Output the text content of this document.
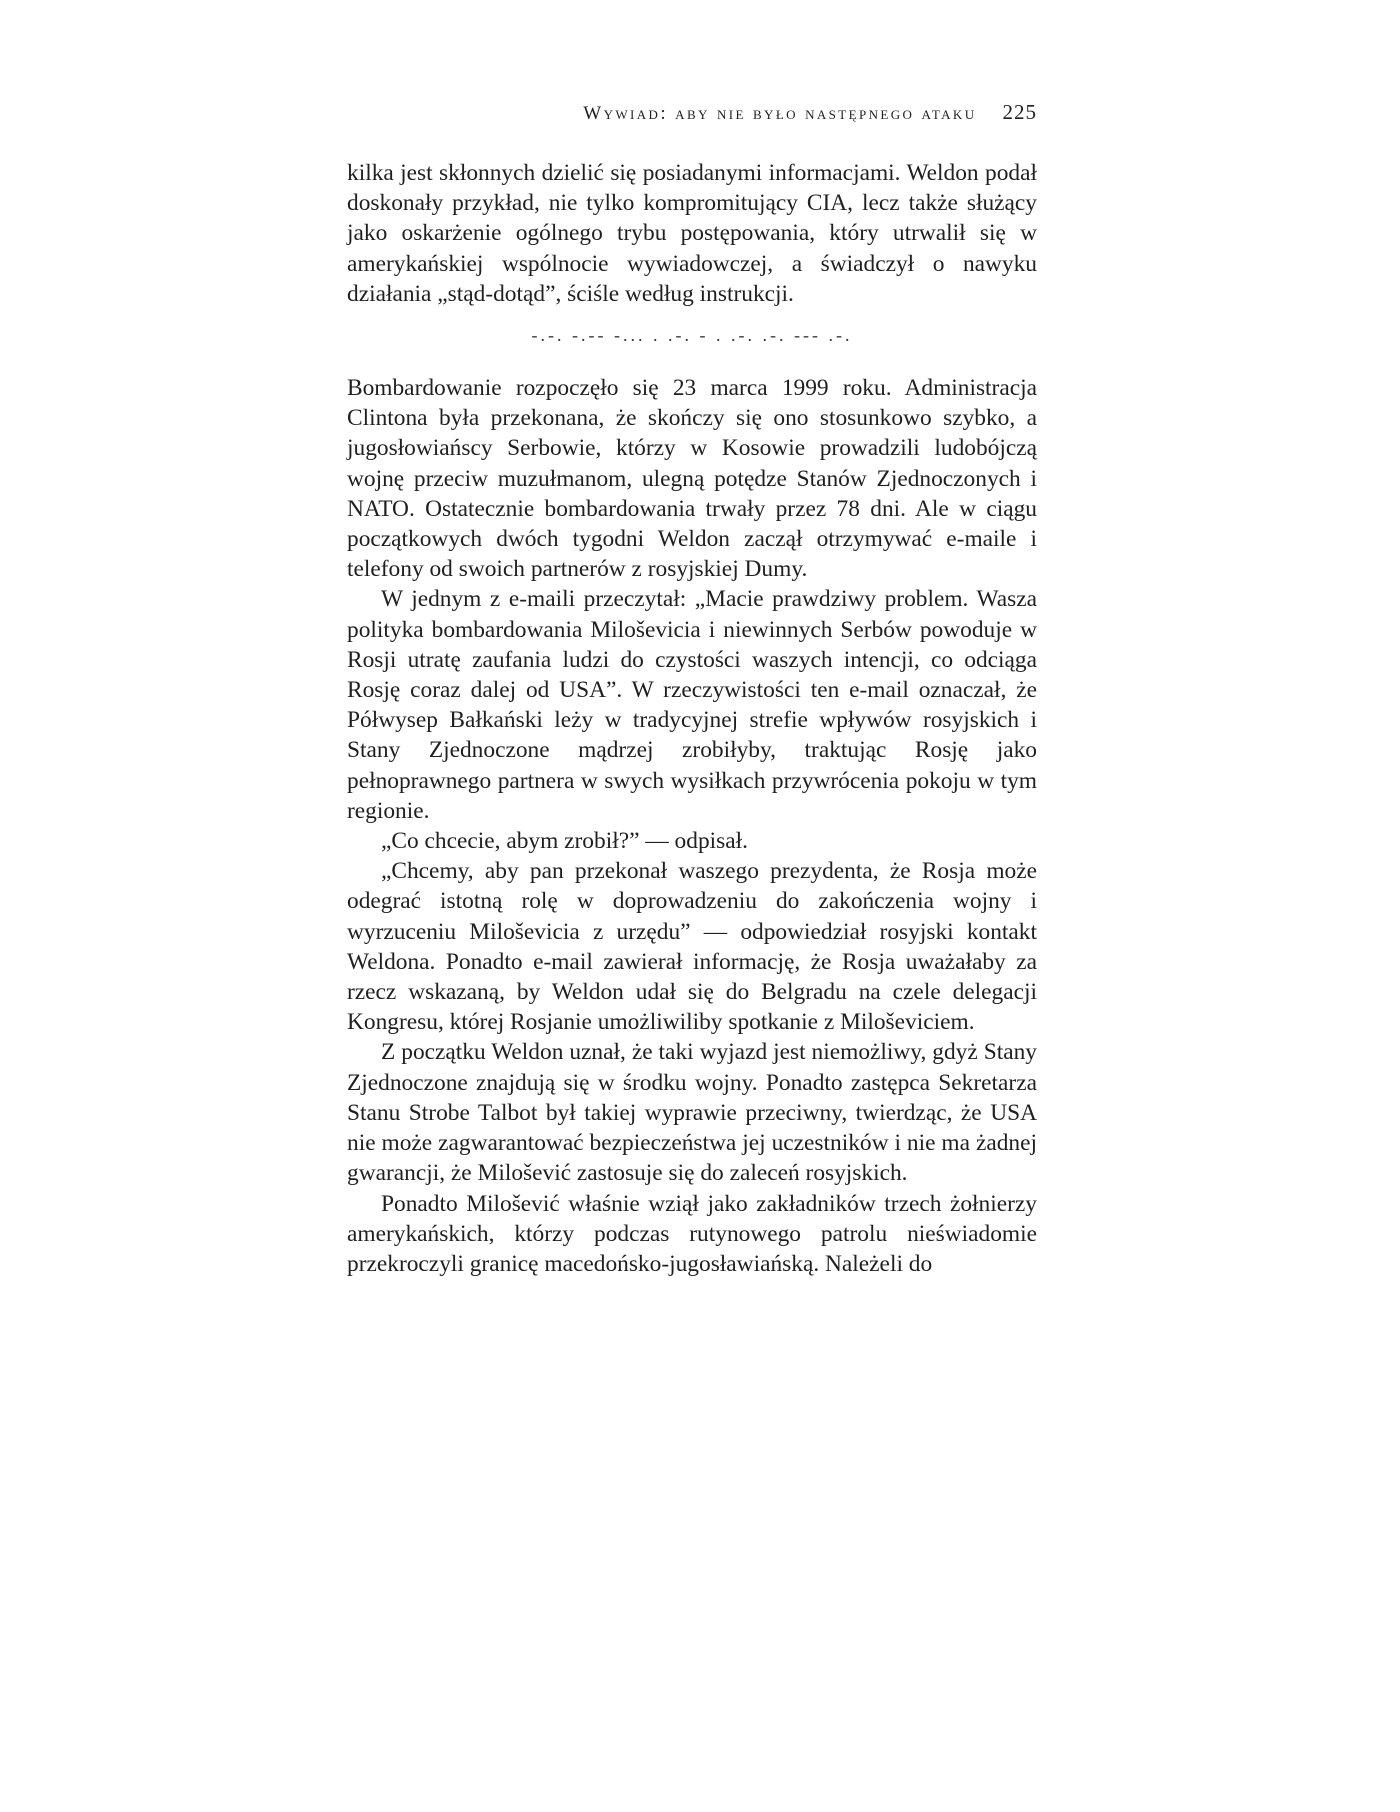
Wywiad: aby nie było następnego ataku 225

kilka jest skłonnych dzielić się posiadanymi informacjami. Weldon podał doskonały przykład, nie tylko kompromitujący CIA, lecz także służący jako oskarżenie ogólnego trybu postępowania, który utrwalił się w amerykańskiej wspólnocie wywiadowczej, a świadczył o nawyku działania „stąd-dotąd”, ściśle według instrukcji.

-.-. -.-- -... . .-. - . .-. .-. --- .-.

Bombardowanie rozpoczęło się 23 marca 1999 roku. Administracja Clintona była przekonana, że skończy się ono stosunkowo szybko, a jugosłowiańscy Serbowie, którzy w Kosowie prowadzili ludobójczą wojnę przeciw muzułmanom, ulegną potędze Stanów Zjednoczonych i NATO. Ostatecznie bombardowania trwały przez 78 dni. Ale w ciągu początkowych dwóch tygodni Weldon zaczął otrzymywać e-maile i telefony od swoich partnerów z rosyjskiej Dumy.

W jednym z e-maili przeczytał: „Macie prawdziwy problem. Wasza polityka bombardowania Miloševicia i niewinnych Serbów powoduje w Rosji utratę zaufania ludzi do czystości waszych intencji, co odciąga Rosję coraz dalej od USA”. W rzeczywistości ten e-mail oznaczał, że Półwysep Bałkański leży w tradycyjnej strefie wpływów rosyjskich i Stany Zjednoczone mądrzej zrobiłyby, traktując Rosję jako pełnoprawnego partnera w swych wysiłkach przywrócenia pokoju w tym regionie.

„Co chcecie, abym zrobił?” — odpisał.

„Chcemy, aby pan przekonał waszego prezydenta, że Rosja może odegrać istotną rolę w doprowadzeniu do zakończenia wojny i wyrzuceniu Miloševicia z urzędu” — odpowiedział rosyjski kontakt Weldona. Ponadto e-mail zawierał informację, że Rosja uważałaby za rzecz wskazaną, by Weldon udał się do Belgradu na czele delegacji Kongresu, której Rosjanie umożliwiliby spotkanie z Miloševiciem.

Z początku Weldon uznał, że taki wyjazd jest niemożliwy, gdyż Stany Zjednoczone znajdują się w środku wojny. Ponadto zastępca Sekretarza Stanu Strobe Talbot był takiej wyprawie przeciwny, twierdząc, że USA nie może zagwarantować bezpieczeństwa jej uczestników i nie ma żadnej gwarancji, że Milošević zastosuje się do zaleceń rosyjskich.

Ponadto Milošević właśnie wziął jako zakładników trzech żołnierzy amerykańskich, którzy podczas rutynowego patrolu nieświadomie przekroczyli granicę macedońsko-jugosławiańską. Należeli do
